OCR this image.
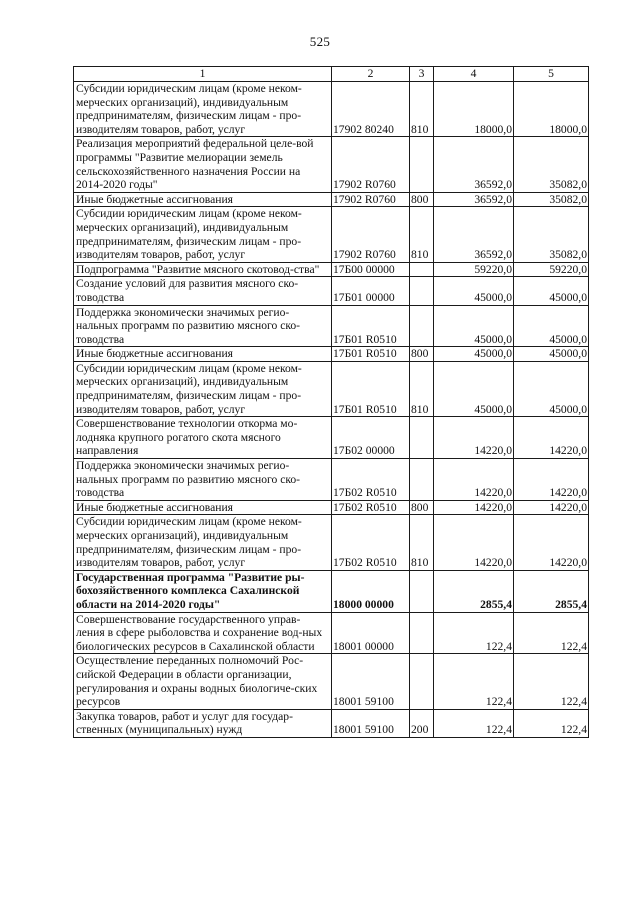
525
1	2	3	4	5
Субсидии юридическим лицам (кроме неком-мерческих организаций), индивидуальным предпринимателям, физическим лицам - про-изводителям товаров, работ, услуг	17902 80240	810	18000,0	18000,0
Реализация мероприятий федеральной целе-вой программы "Развитие мелиорации земель сельскохозяйственного назначения России на 2014-2020 годы"	17902 R0760		36592,0	35082,0
Иные бюджетные ассигнования	17902 R0760	800	36592,0	35082,0
Субсидии юридическим лицам (кроме неком-мерческих организаций), индивидуальным предпринимателям, физическим лицам - про-изводителям товаров, работ, услуг	17902 R0760	810	36592,0	35082,0
Подпрограмма "Развитие мясного скотовод-ства"	17Б00 00000		59220,0	59220,0
Создание условий для развития мясного ско-товодства	17Б01 00000		45000,0	45000,0
Поддержка экономически значимых регио-нальных программ по развитию мясного ско-товодства	17Б01 R0510		45000,0	45000,0
Иные бюджетные ассигнования	17Б01 R0510	800	45000,0	45000,0
Субсидии юридическим лицам (кроме неком-мерческих организаций), индивидуальным предпринимателям, физическим лицам - про-изводителям товаров, работ, услуг	17Б01 R0510	810	45000,0	45000,0
Совершенствование технологии откорма мо-лодняка крупного рогатого скота мясного направления	17Б02 00000		14220,0	14220,0
Поддержка экономически значимых регио-нальных программ по развитию мясного ско-товодства	17Б02 R0510		14220,0	14220,0
Иные бюджетные ассигнования	17Б02 R0510	800	14220,0	14220,0
Субсидии юридическим лицам (кроме неком-мерческих организаций), индивидуальным предпринимателям, физическим лицам - про-изводителям товаров, работ, услуг	17Б02 R0510	810	14220,0	14220,0
Государственная программа "Развитие ры-бохозяйственного комплекса Сахалинской области на 2014-2020 годы"	18000 00000		2855,4	2855,4
Совершенствование государственного управ-ления в сфере рыболовства и сохранение вод-ных биологических ресурсов в Сахалинской области	18001 00000		122,4	122,4
Осуществление переданных полномочий Рос-сийской Федерации в области организации, регулирования и охраны водных биологиче-ских ресурсов	18001 59100		122,4	122,4
Закупка товаров, работ и услуг для государ-ственных (муниципальных) нужд	18001 59100	200	122,4	122,4
